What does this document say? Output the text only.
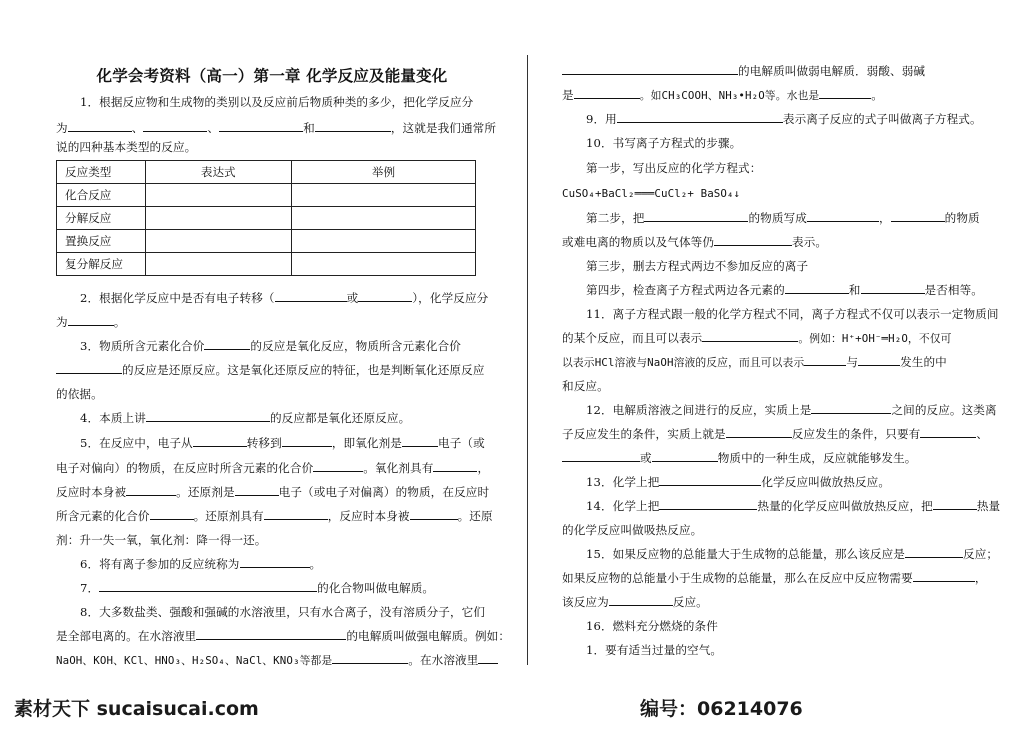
化学会考资料（高一）第一章 化学反应及能量变化
1．根据反应物和生成物的类别以及反应前后物质种类的多少，把化学反应分
为	、	、	和	，这就是我们通常所
说的四种基本类型的反应。
反应类型	表达式	举例
化合反应		
分解反应		
置换反应		
复分解反应		
2．根据化学反应中是否有电子转移（	或	），化学反应分
为	。
3．物质所含元素化合价	的反应是氧化反应，物质所含元素化合价
的反应是还原反应。这是氧化还原反应的特征，也是判断氧化还原反应
的依据。
4．本质上讲	的反应都是氧化还原反应。
5．在反应中，电子从	转移到	，即氧化剂是	电子（或
电子对偏向）的物质，在反应时所含元素的化合价	。氧化剂具有	，
反应时本身被	。还原剂是	电子（或电子对偏离）的物质，在反应时
所含元素的化合价	。还原剂具有	，反应时本身被	。还原
剂：升一失一氧，氧化剂：降一得一还。
6．将有离子参加的反应统称为	。
7．	的化合物叫做电解质。
8．大多数盐类、强酸和强碱的水溶液里，只有水合离子，没有溶质分子，它们
是全部电离的。在水溶液里	的电解质叫做强电解质。例如：
NaOH、KOH、KCl、HNO₃、H₂SO₄、NaCl、KNO₃等都是	。在水溶液里
的电解质叫做弱电解质．弱酸、弱碱
是	。如CH₃COOH、NH₃•H₂O等。水也是	。
9．用	表示离子反应的式子叫做离子方程式。
10．书写离子方程式的步骤。
第一步，写出反应的化学方程式：
CuSO₄+BaCl₂═══CuCl₂+ BaSO₄↓
第二步，把	的物质写成	，	的物质
或难电离的物质以及气体等仍	表示。
第三步，删去方程式两边不参加反应的离子
第四步，检查离子方程式两边各元素的	和	是否相等。
11．离子方程式跟一般的化学方程式不同，离子方程式不仅可以表示一定物质间
的某个反应，而且可以表示	。例如：H⁺+OH⁻═H₂O，不仅可
以表示HCl溶液与NaOH溶液的反应，而且可以表示	与	发生的中
和反应。
12．电解质溶液之间进行的反应，实质上是	之间的反应。这类离
子反应发生的条件，实质上就是	反应发生的条件，只要有	、
或	物质中的一种生成，反应就能够发生。
13．化学上把	化学反应叫做放热反应。
14．化学上把	热量的化学反应叫做放热反应，把	热量
的化学反应叫做吸热反应。
15．如果反应物的总能量大于生成物的总能量，那么该反应是	反应；
如果反应物的总能量小于生成物的总能量，那么在反应中反应物需要	，
该反应为	反应。
16．燃料充分燃烧的条件
1．要有适当过量的空气。
素材天下 sucaisucai.com	编号：06214076
